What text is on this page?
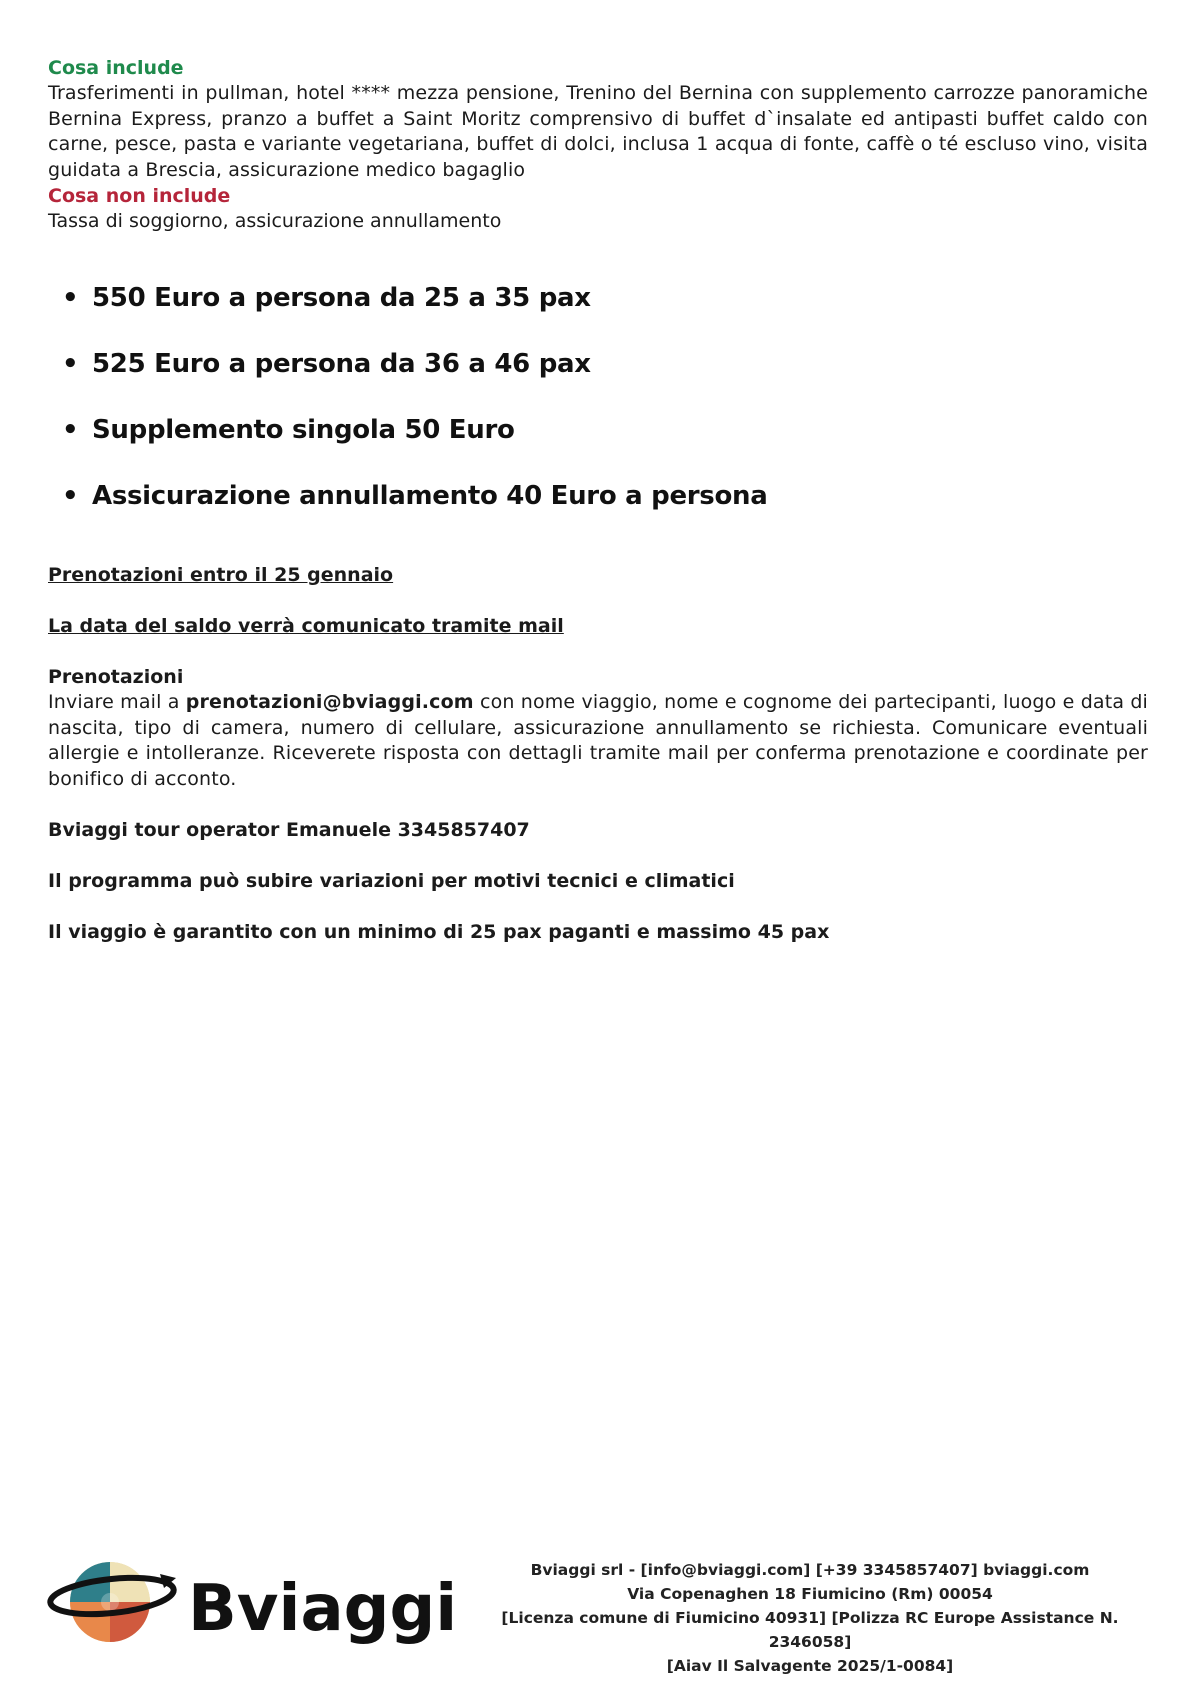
Cosa include
Trasferimenti in pullman, hotel **** mezza pensione, Trenino del Bernina con supplemento carrozze panoramiche Bernina Express, pranzo a buffet a Saint Moritz comprensivo di buffet d`insalate ed antipasti buffet caldo con carne, pesce, pasta e variante vegetariana, buffet di dolci, inclusa 1 acqua di fonte, caffè o té escluso vino, visita guidata a Brescia, assicurazione medico bagaglio
Cosa non include
Tassa di soggiorno, assicurazione annullamento
• 550 Euro a persona da 25 a 35 pax
• 525 Euro a persona da 36 a 46 pax
• Supplemento singola 50 Euro
• Assicurazione annullamento 40 Euro a persona
Prenotazioni entro il 25 gennaio
La data del saldo verrà comunicato tramite mail
Prenotazioni
Inviare mail a prenotazioni@bviaggi.com con nome viaggio, nome e cognome dei partecipanti, luogo e data di nascita, tipo di camera, numero di cellulare, assicurazione annullamento se richiesta. Comunicare eventuali allergie e intolleranze. Riceverete risposta con dettagli tramite mail per conferma prenotazione e coordinate per bonifico di acconto.
Bviaggi tour operator Emanuele 3345857407
Il programma può subire variazioni per motivi tecnici e climatici
Il viaggio è garantito con un minimo di 25 pax paganti e massimo 45 pax
Bviaggi
Bviaggi srl - [info@bviaggi.com] [+39 3345857407] bviaggi.com
Via Copenaghen 18 Fiumicino (Rm) 00054
[Licenza comune di Fiumicino 40931] [Polizza RC Europe Assistance N. 2346058]
[Aiav Il Salvagente 2025/1-0084]
